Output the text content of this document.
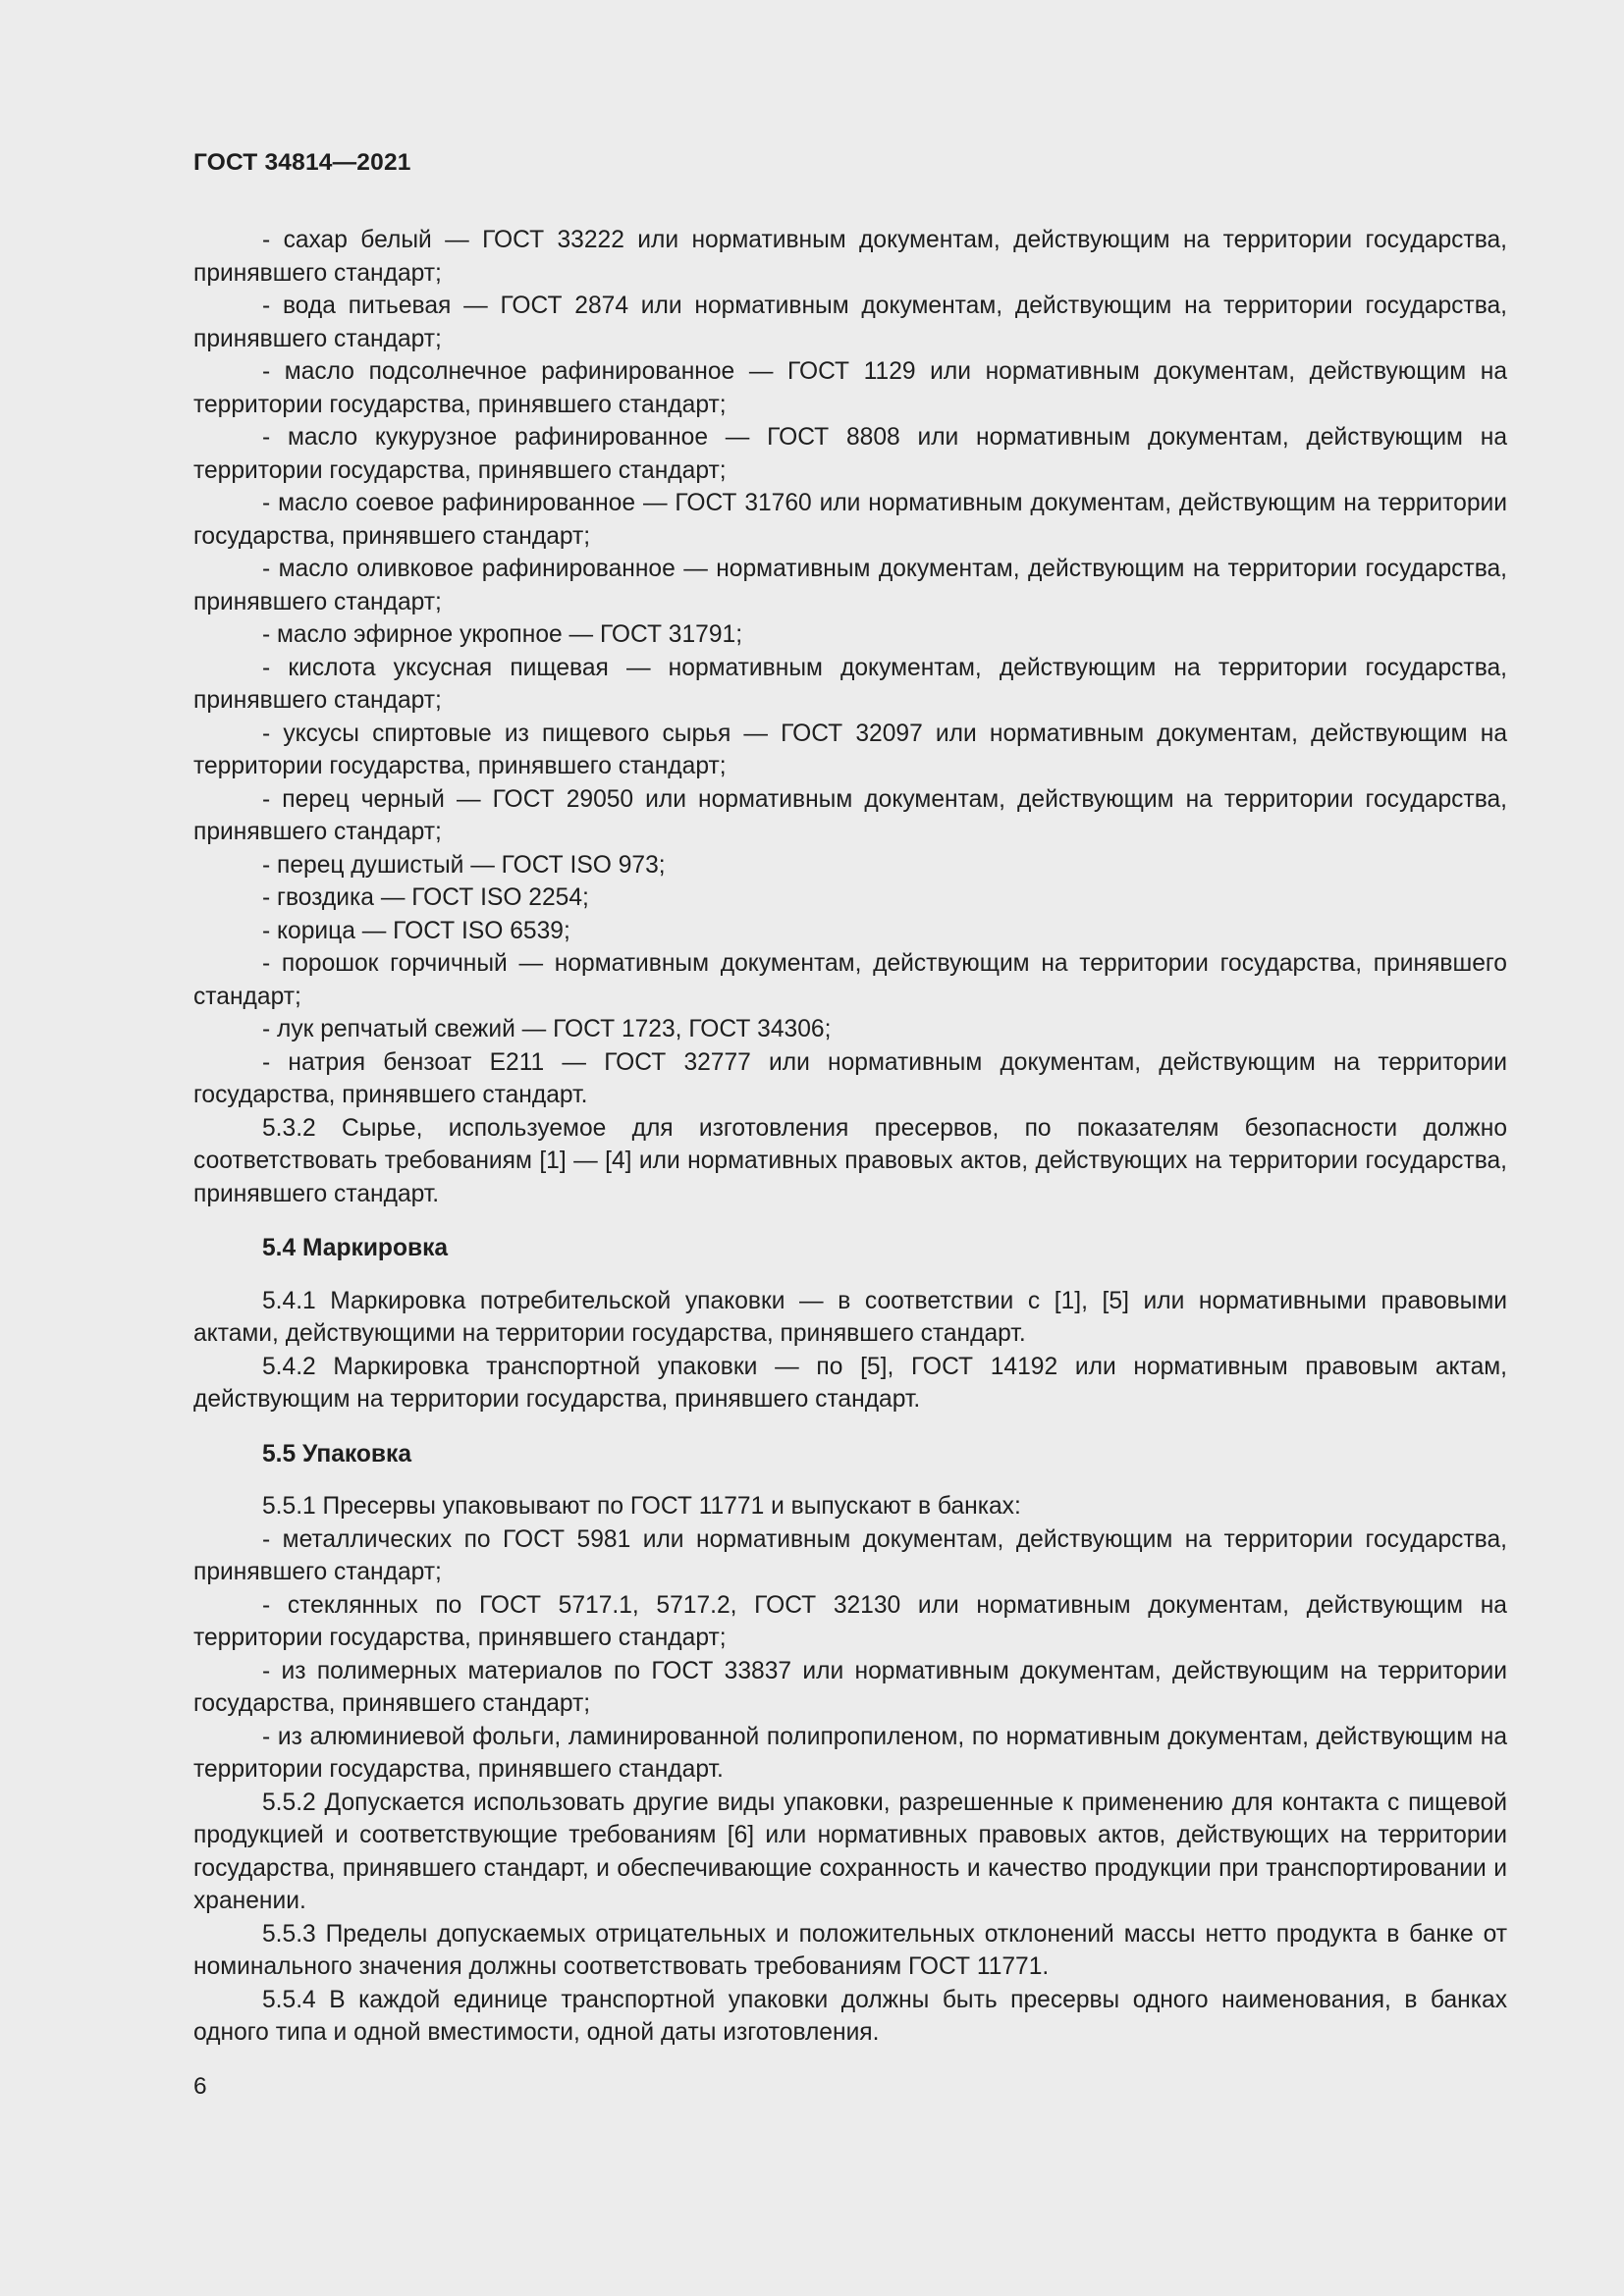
ГОСТ 34814—2021

- сахар белый — ГОСТ 33222 или нормативным документам, действующим на территории государства, принявшего стандарт;

- вода питьевая — ГОСТ 2874 или нормативным документам, действующим на территории государства, принявшего стандарт;

- масло подсолнечное рафинированное — ГОСТ 1129 или нормативным документам, действующим на территории государства, принявшего стандарт;

- масло кукурузное рафинированное — ГОСТ 8808 или нормативным документам, действующим на территории государства, принявшего стандарт;

- масло соевое рафинированное — ГОСТ 31760 или нормативным документам, действующим на территории государства, принявшего стандарт;

- масло оливковое рафинированное — нормативным документам, действующим на территории государства, принявшего стандарт;

- масло эфирное укропное — ГОСТ 31791;

- кислота уксусная пищевая — нормативным документам, действующим на территории государства, принявшего стандарт;

- уксусы спиртовые из пищевого сырья — ГОСТ 32097 или нормативным документам, действующим на территории государства, принявшего стандарт;

- перец черный — ГОСТ 29050 или нормативным документам, действующим на территории государства, принявшего стандарт;

- перец душистый — ГОСТ ISO 973;

- гвоздика — ГОСТ ISO 2254;

- корица — ГОСТ ISO 6539;

- порошок горчичный — нормативным документам, действующим на территории государства, принявшего стандарт;

- лук репчатый свежий — ГОСТ 1723, ГОСТ 34306;

- натрия бензоат Е211 — ГОСТ 32777 или нормативным документам, действующим на территории государства, принявшего стандарт.

5.3.2 Сырье, используемое для изготовления пресервов, по показателям безопасности должно соответствовать требованиям [1] — [4] или нормативных правовых актов, действующих на территории государства, принявшего стандарт.

5.4 Маркировка

5.4.1 Маркировка потребительской упаковки — в соответствии с [1], [5] или нормативными правовыми актами, действующими на территории государства, принявшего стандарт.

5.4.2 Маркировка транспортной упаковки — по [5], ГОСТ 14192 или нормативным правовым актам, действующим на территории государства, принявшего стандарт.

5.5 Упаковка

5.5.1 Пресервы упаковывают по ГОСТ 11771 и выпускают в банках:

- металлических по ГОСТ 5981 или нормативным документам, действующим на территории государства, принявшего стандарт;

- стеклянных по ГОСТ 5717.1, 5717.2, ГОСТ 32130 или нормативным документам, действующим на территории государства, принявшего стандарт;

- из полимерных материалов по ГОСТ 33837 или нормативным документам, действующим на территории государства, принявшего стандарт;

- из алюминиевой фольги, ламинированной полипропиленом, по нормативным документам, действующим на территории государства, принявшего стандарт.

5.5.2 Допускается использовать другие виды упаковки, разрешенные к применению для контакта с пищевой продукцией и соответствующие требованиям [6] или нормативных правовых актов, действующих на территории государства, принявшего стандарт, и обеспечивающие сохранность и качество продукции при транспортировании и хранении.

5.5.3 Пределы допускаемых отрицательных и положительных отклонений массы нетто продукта в банке от номинального значения должны соответствовать требованиям ГОСТ 11771.

5.5.4 В каждой единице транспортной упаковки должны быть пресервы одного наименования, в банках одного типа и одной вместимости, одной даты изготовления.

6
